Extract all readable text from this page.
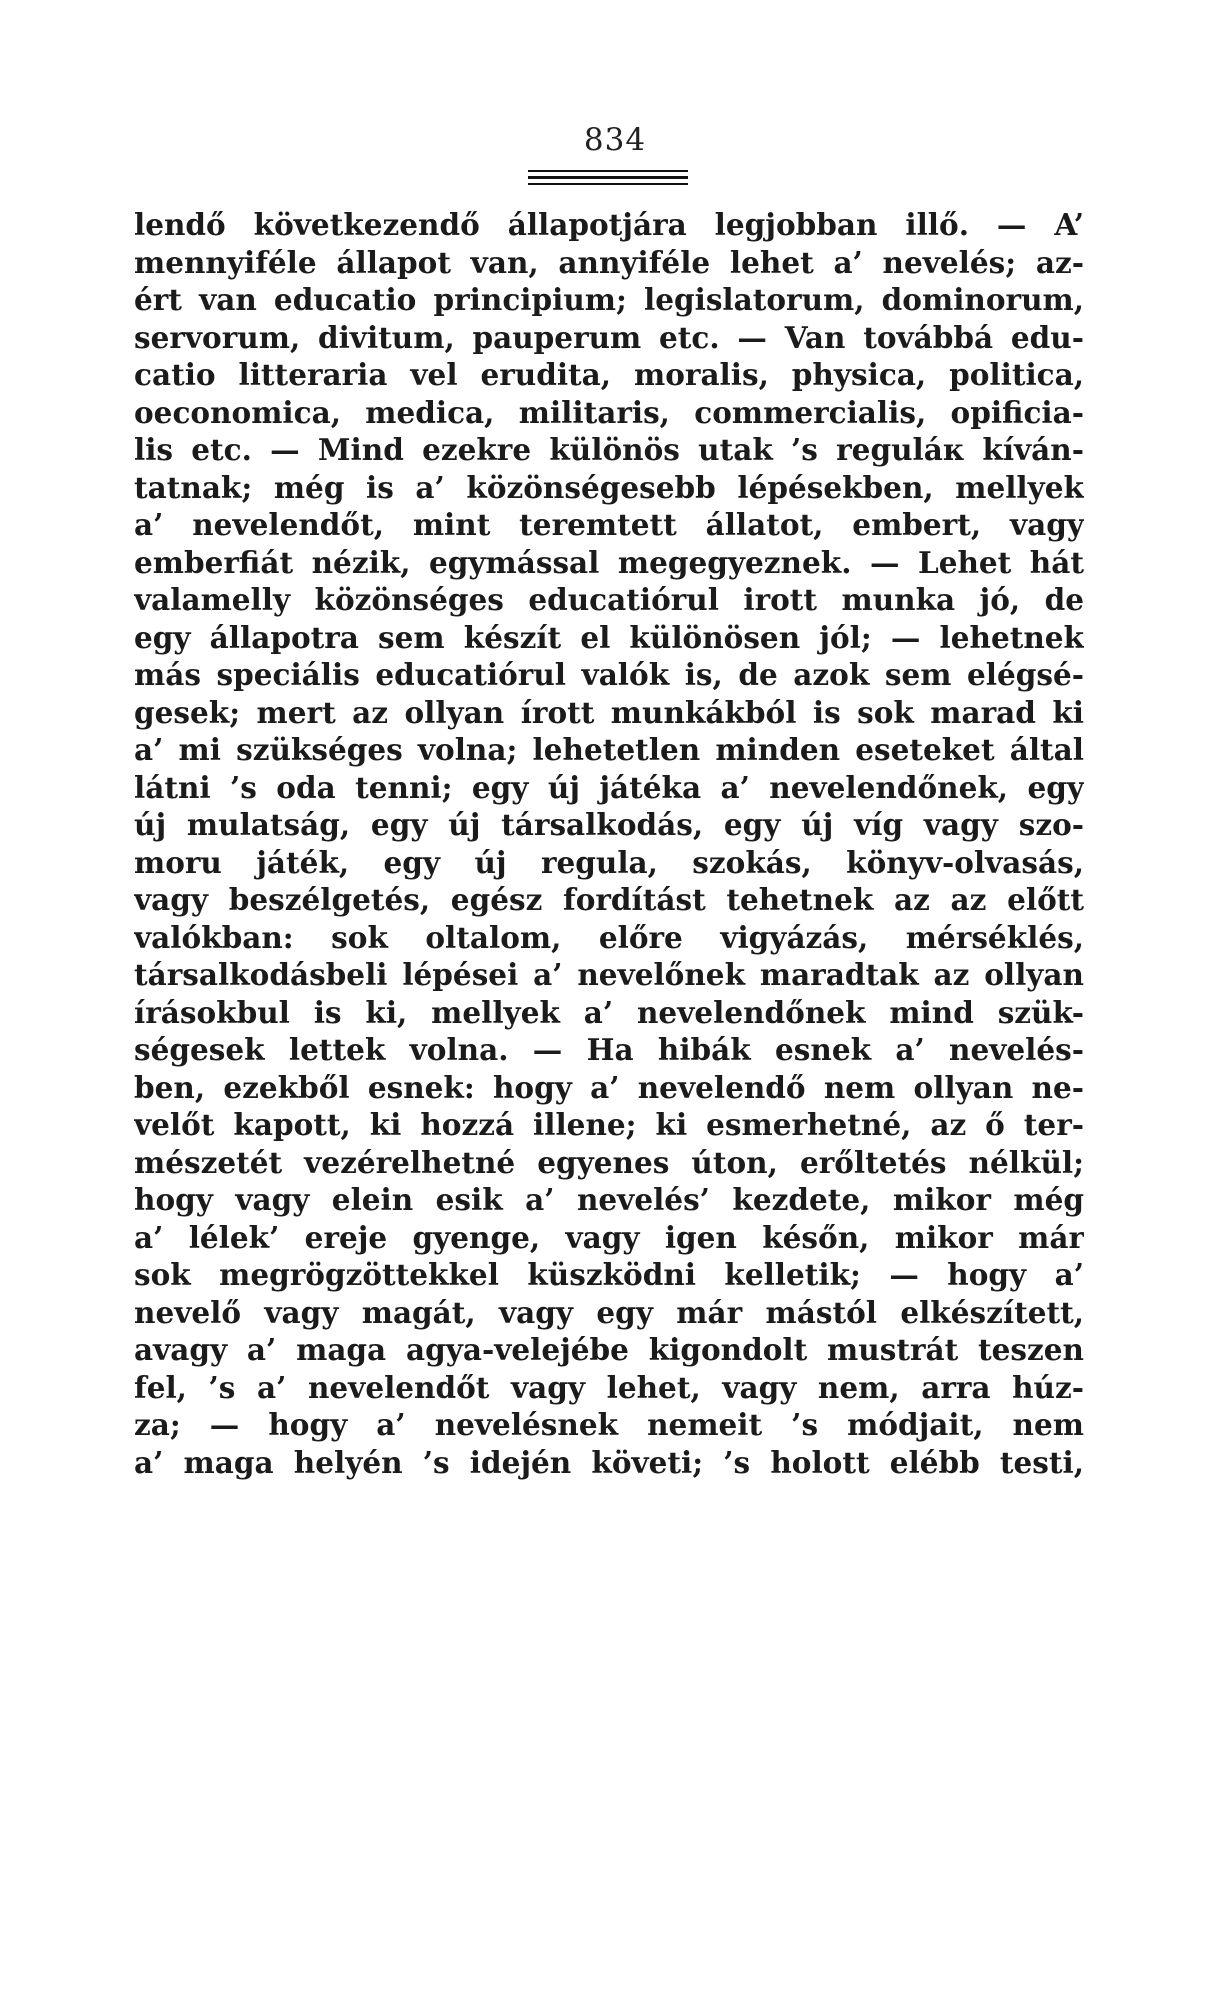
834
lendő következendő állapotjára legjobban illő. — A’
mennyiféle állapot van, annyiféle lehet a’ nevelés; az-
ért van educatio principium; legislatorum, dominorum,
servorum, divitum, pauperum etc. — Van továbbá edu-
catio litteraria vel erudita, moralis, physica, politica,
oeconomica, medica, militaris, commercialis, opificia-
lis etc. — Mind ezekre különös utak ’s reguláк kíván-
tatnak; még is a’ közönségesebb lépésekben, mellyek
a’ nevelendőt, mint teremtett állatot, embert, vagy
emberfiát nézik, egymással megegyeznek. — Lehet hát
valamelly közönséges educatiórul irott munka jó, de
egy állapotra sem készít el különösen jól; — lehetnek
más speciális educatiórul valók is, de azok sem elégsé-
gesek; mert az ollyan írott munkákból is sok marad ki
a’ mi szükséges volna; lehetetlen minden eseteket által
látni ’s oda tenni; egy új játéka a’ nevelendőnek, egy
új mulatság, egy új társalkodás, egy új víg vagy szo-
moru játék, egy új regula, szokás, könyv-olvasás,
vagy beszélgetés, egész fordítást tehetnek az az előtt
valókban: sok oltalom, előre vigyázás, mérséklés,
társalkodásbeli lépései a’ nevelőnek maradtak az ollyan
írásokbul is ki, mellyek a’ nevelendőnek mind szük-
ségesek lettek volna. — Ha hibák esnek a’ nevelés-
ben, ezekből esnek: hogy a’ nevelendő nem ollyan ne-
velőt kapott, ki hozzá illene; ki esmerhetné, az ő ter-
mészetét vezérelhetné egyenes úton, erőltetés nélkül;
hogy vagy elein esik a’ nevelés’ kezdete, mikor még
a’ lélek’ ereje gyenge, vagy igen későn, mikor már
sok megrögzöttekkel küszködni kelletik; — hogy a’
nevelő vagy magát, vagy egy már mástól elkészített,
avagy a’ maga agya-velejébe kigondolt mustrát teszen
fel, ’s a’ nevelendőt vagy lehet, vagy nem, arra húz-
za; — hogy a’ nevelésnek nemeit ’s módjait, nem
a’ maga helyén ’s idején követi; ’s holott elébb testi,
